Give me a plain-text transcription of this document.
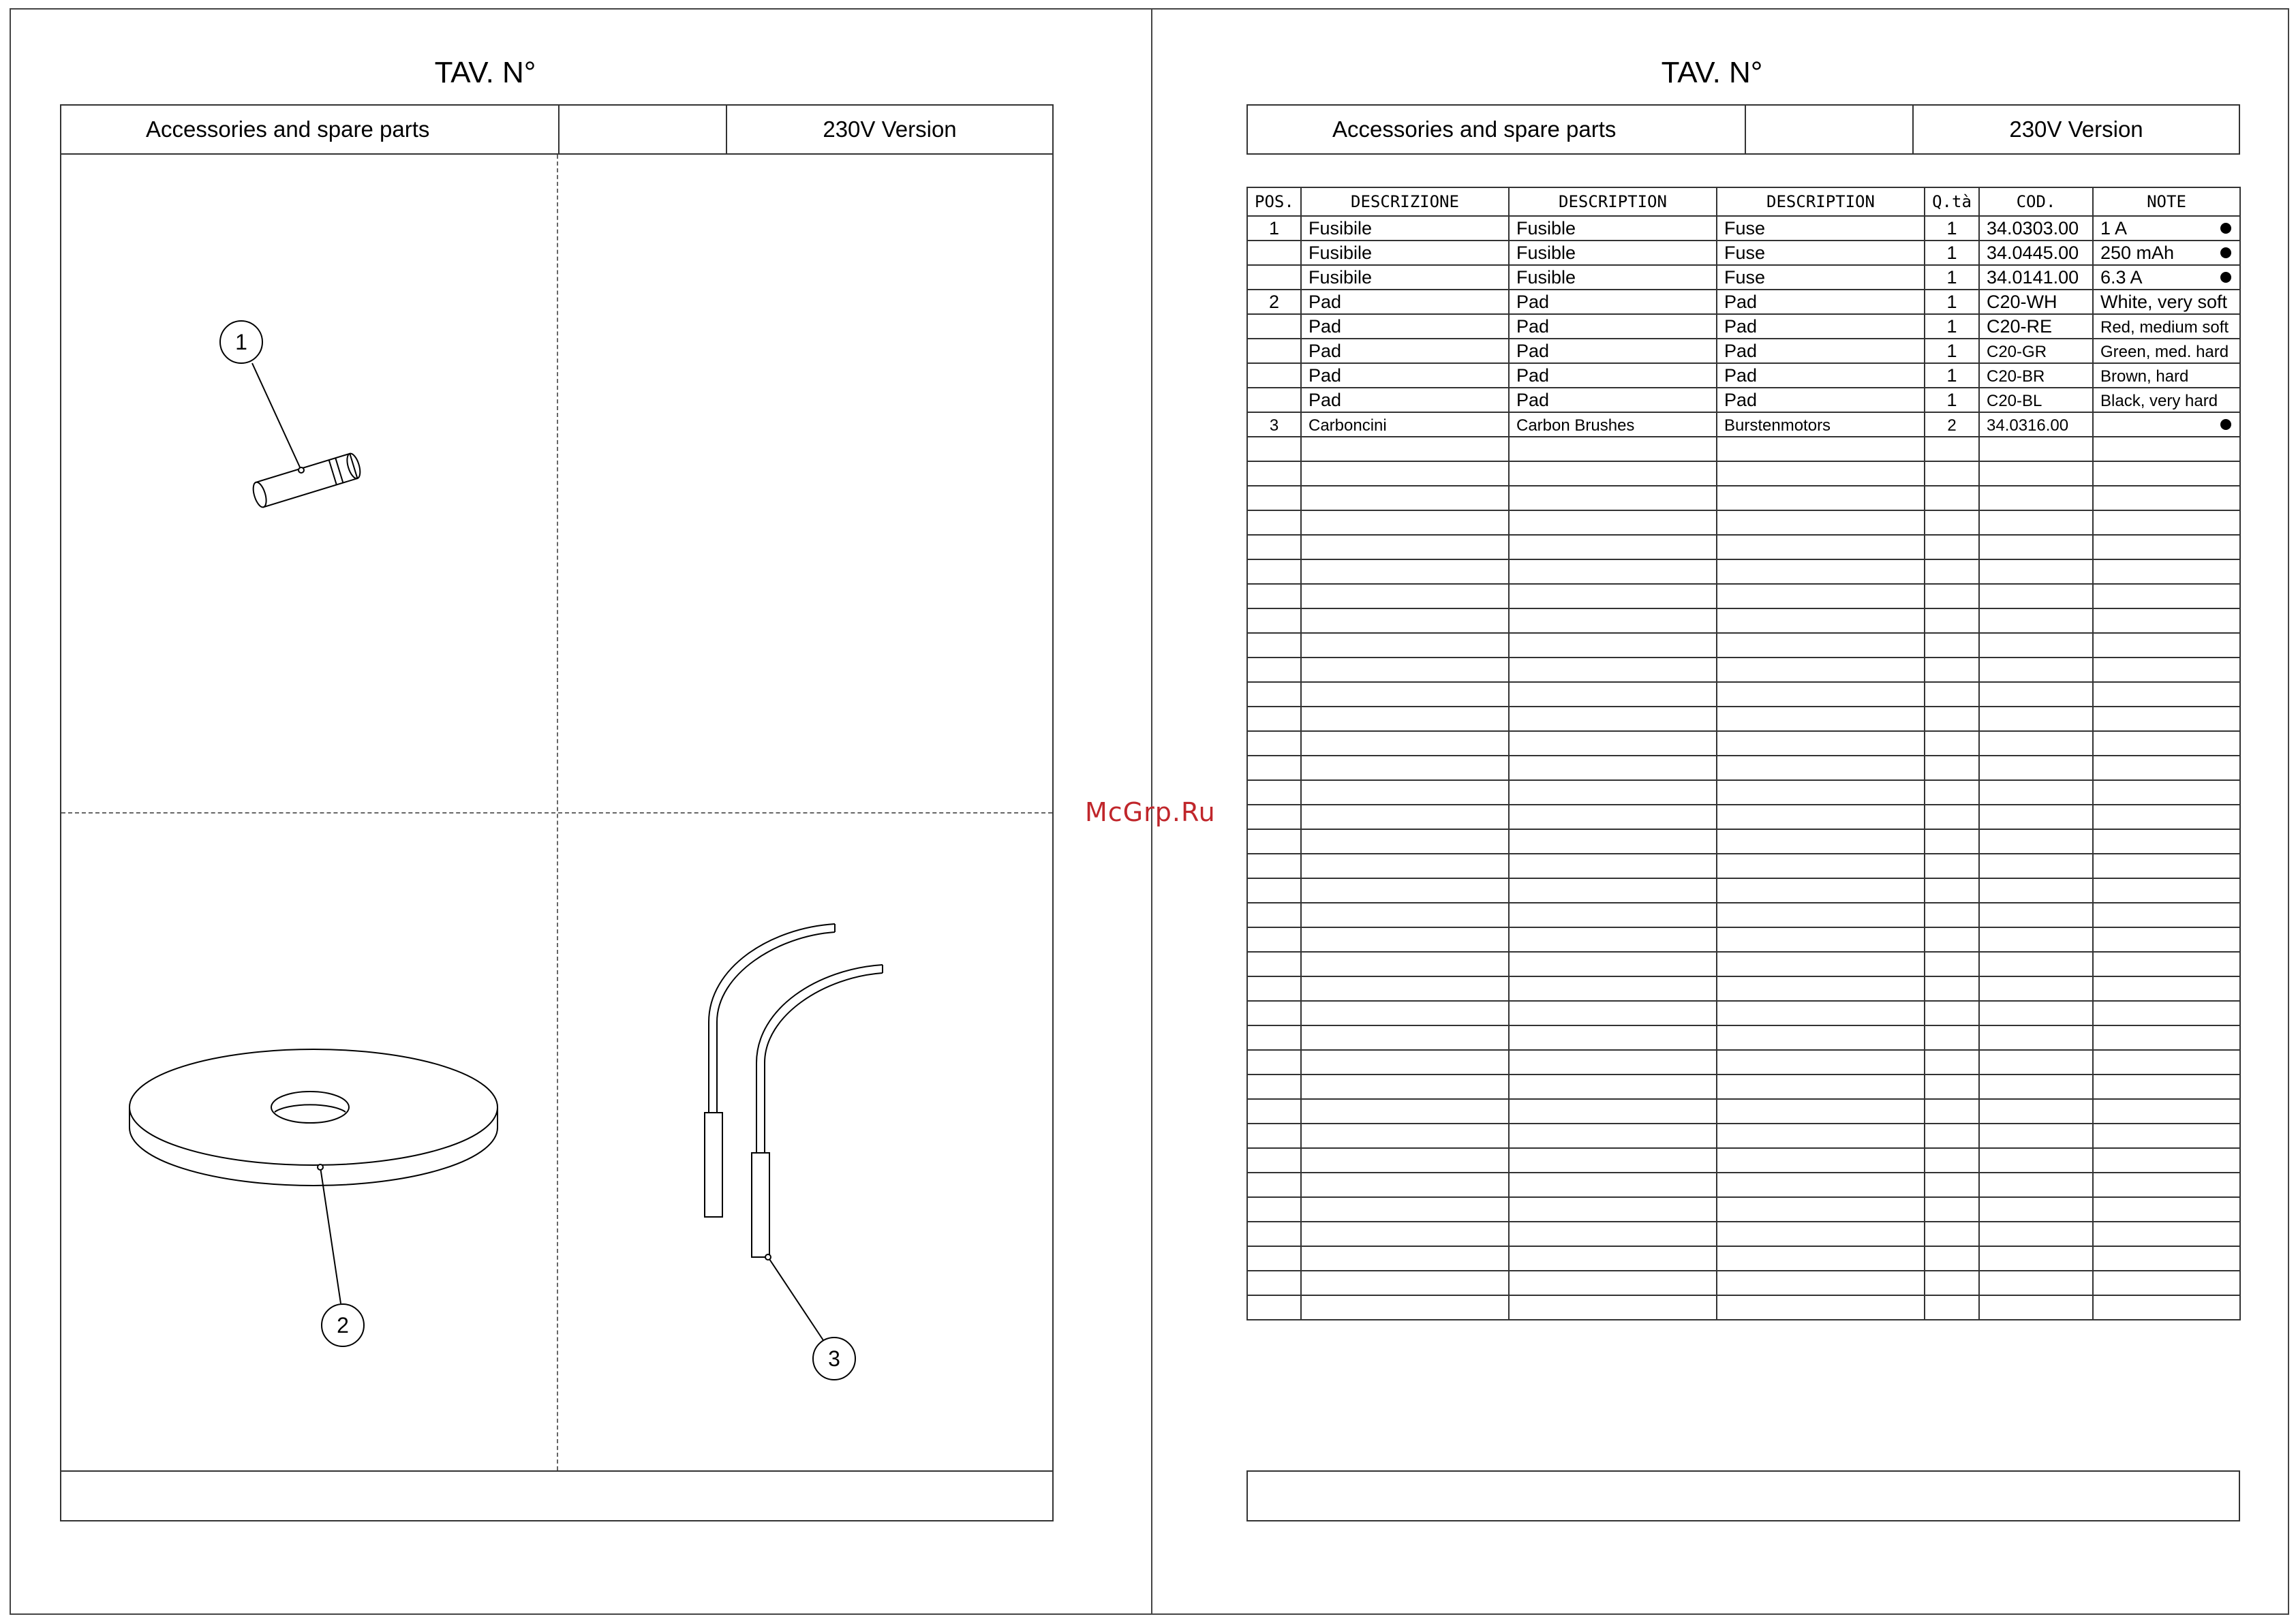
TAV. N°
Accessories and spare parts	230V Version
1
2
3
McGrp.Ru
TAV. N°
Accessories and spare parts	230V Version
POS.	DESCRIZIONE	DESCRIPTION	DESCRIPTION	Q.tà	COD.	NOTE
1	Fusibile	Fusible	Fuse	1	34.0303.00	1 A

	Fusibile	Fusible	Fuse	1	34.0445.00	250 mAh

	Fusibile	Fusible	Fuse	1	34.0141.00	6.3 A

2	Pad	Pad	Pad	1	C20-WH	White, very soft
	Pad	Pad	Pad	1	C20-RE	Red, medium soft
	Pad	Pad	Pad	1	C20-GR	Green, med. hard
	Pad	Pad	Pad	1	C20-BR	Brown, hard
	Pad	Pad	Pad	1	C20-BL	Black, very hard
3	Carboncini	Carbon Brushes	Burstenmotors	2	34.0316.00	
